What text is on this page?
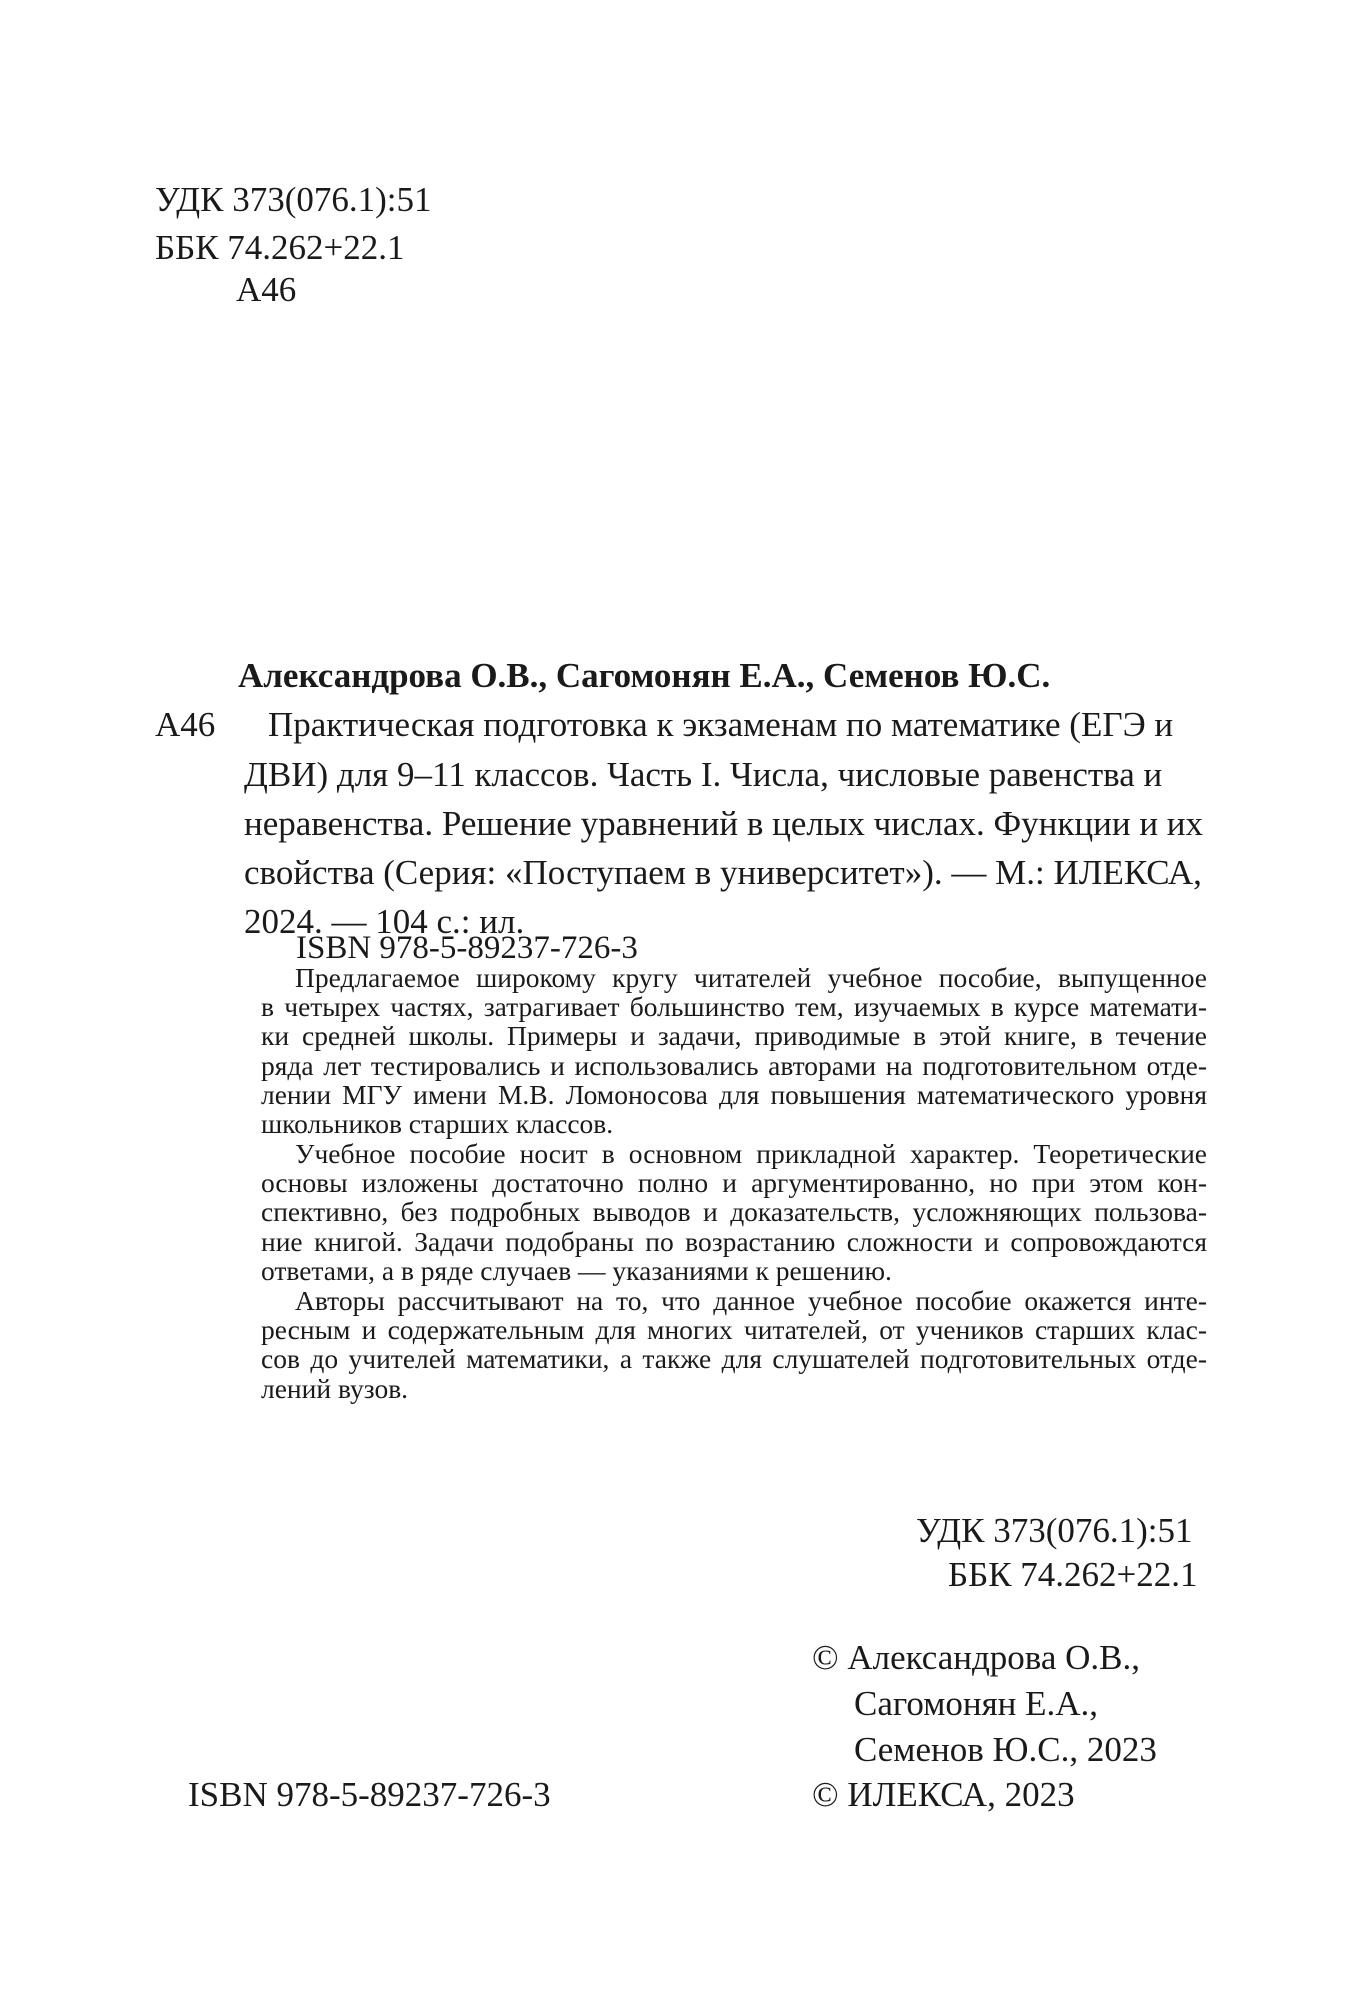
УДК 373(076.1):51
ББК 74.262+22.1
А46
Александрова О.В., Сагомонян Е.А., Семенов Ю.С.
А46 Практическая подготовка к экзаменам по математике (ЕГЭ и
ДВИ) для 9–11 классов. Часть I. Числа, числовые равенства и
неравенства. Решение уравнений в целых числах. Функции и их
свойства (Серия: «Поступаем в университет»). — М.: ИЛЕКСА,
2024. — 104 с.: ил.
ISBN 978-5-89237-726-3
Предлагаемое широкому кругу читателей учебное пособие, выпущенное
в четырех частях, затрагивает большинство тем, изучаемых в курсе математи-
ки средней школы. Примеры и задачи, приводимые в этой книге, в течение
ряда лет тестировались и использовались авторами на подготовительном отде-
лении МГУ имени М.В. Ломоносова для повышения математического уровня
школьников старших классов.
Учебное пособие носит в основном прикладной характер. Теоретические
основы изложены достаточно полно и аргументированно, но при этом кон-
спективно, без подробных выводов и доказательств, усложняющих пользова-
ние книгой. Задачи подобраны по возрастанию сложности и сопровождаются
ответами, а в ряде случаев — указаниями к решению.
Авторы рассчитывают на то, что данное учебное пособие окажется инте-
ресным и содержательным для многих читателей, от учеников старших клас-
сов до учителей математики, а также для слушателей подготовительных отде-
лений вузов.
УДК 373(076.1):51
ББК 74.262+22.1
© Александрова О.В.,
Сагомонян Е.А.,
Семенов Ю.С., 2023
© ИЛЕКСА, 2023
ISBN 978-5-89237-726-3
